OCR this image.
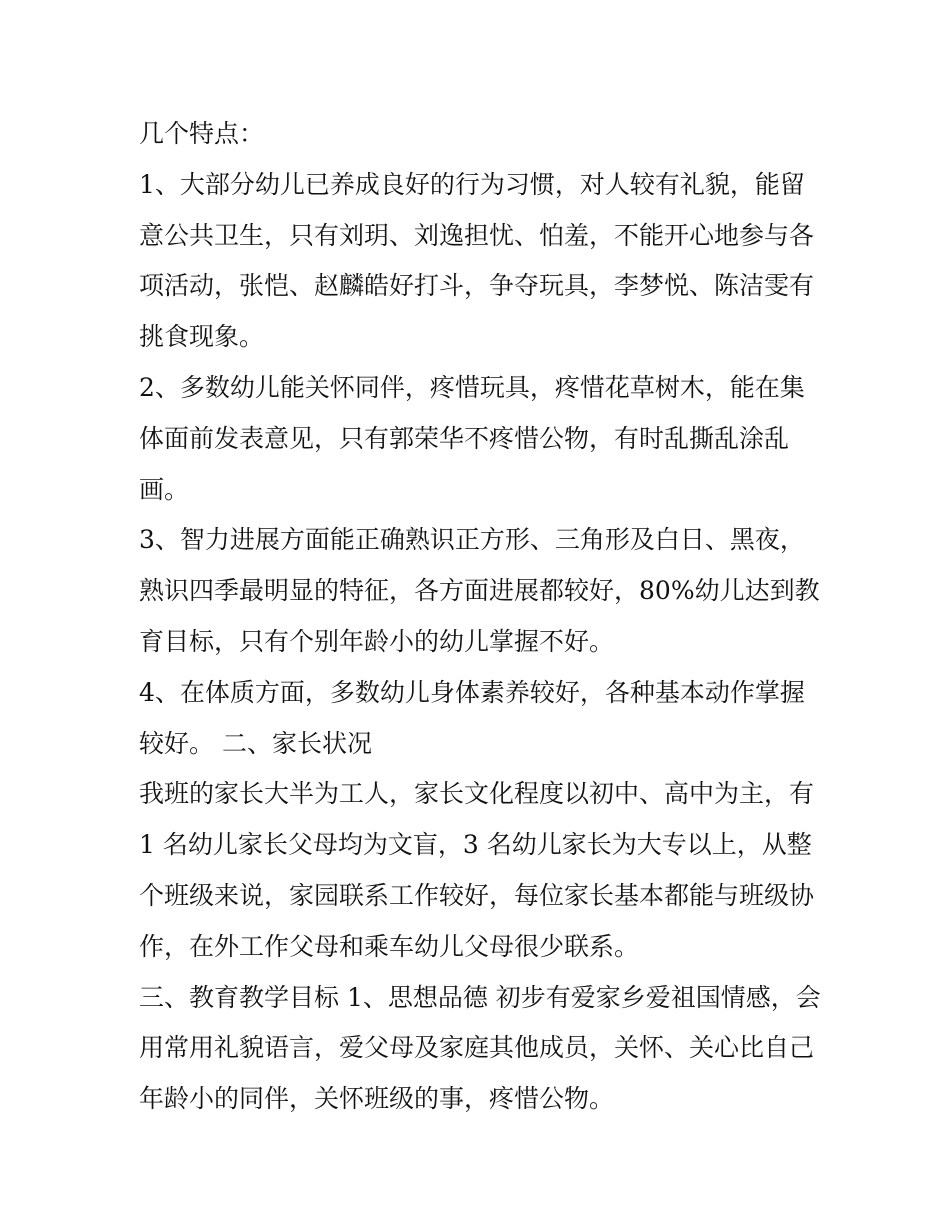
几个特点：
1、大部分幼儿已养成良好的行为习惯，对人较有礼貌，能留
意公共卫生，只有刘玥、刘逸担忧、怕羞，不能开心地参与各
项活动，张恺、赵麟皓好打斗，争夺玩具，李梦悦、陈洁雯有
挑食现象。
2、多数幼儿能关怀同伴，疼惜玩具，疼惜花草树木，能在集
体面前发表意见，只有郭荣华不疼惜公物，有时乱撕乱涂乱
画。
3、智力进展方面能正确熟识正方形、三角形及白日、黑夜，
熟识四季最明显的特征，各方面进展都较好，80%幼儿达到教
育目标，只有个别年龄小的幼儿掌握不好。
4、在体质方面，多数幼儿身体素养较好，各种基本动作掌握
较好。 二、家长状况
我班的家长大半为工人，家长文化程度以初中、高中为主，有
1 名幼儿家长父母均为文盲，3 名幼儿家长为大专以上，从整
个班级来说，家园联系工作较好，每位家长基本都能与班级协
作，在外工作父母和乘车幼儿父母很少联系。
三、教育教学目标 1、思想品德 初步有爱家乡爱祖国情感，会
用常用礼貌语言，爱父母及家庭其他成员，关怀、关心比自己
年龄小的同伴，关怀班级的事，疼惜公物。
